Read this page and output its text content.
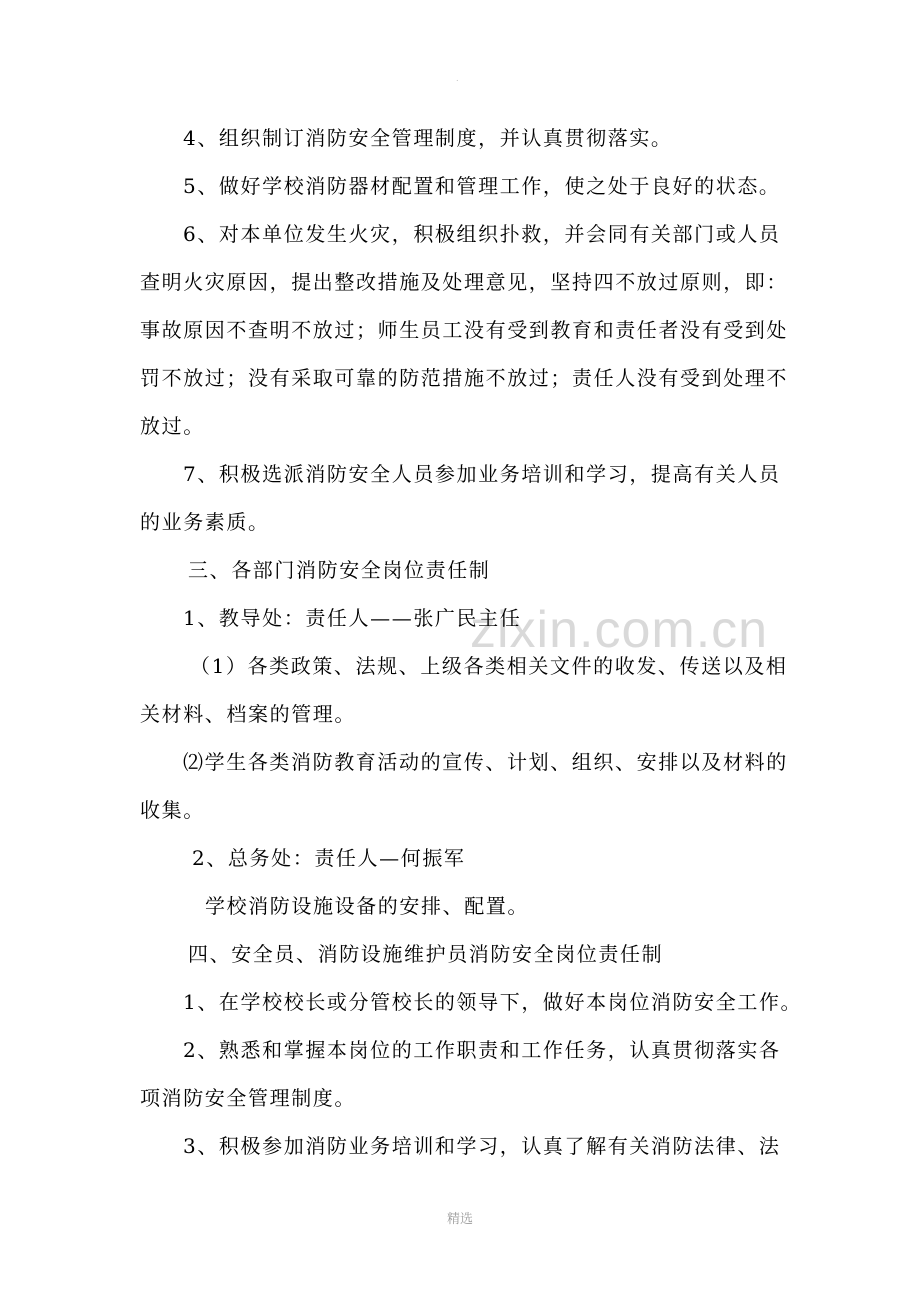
.
zixin.com.cn
4、组织制订消防安全管理制度，并认真贯彻落实。
5、做好学校消防器材配置和管理工作，使之处于良好的状态。
6、对本单位发生火灾，积极组织扑救，并会同有关部门或人员
查明火灾原因，提出整改措施及处理意见，坚持四不放过原则，即：
事故原因不查明不放过；师生员工没有受到教育和责任者没有受到处
罚不放过；没有采取可靠的防范措施不放过；责任人没有受到处理不
放过。
7、积极选派消防安全人员参加业务培训和学习，提高有关人员
的业务素质。
三、各部门消防安全岗位责任制
1、教导处：责任人——张广民主任
（1）各类政策、法规、上级各类相关文件的收发、传送以及相
关材料、档案的管理。
⑵学生各类消防教育活动的宣传、计划、组织、安排以及材料的
收集。
2、总务处：责任人—何振军
学校消防设施设备的安排、配置。
四、安全员、消防设施维护员消防安全岗位责任制
1、在学校校长或分管校长的领导下，做好本岗位消防安全工作。
2、熟悉和掌握本岗位的工作职责和工作任务，认真贯彻落实各
项消防安全管理制度。
3、积极参加消防业务培训和学习，认真了解有关消防法律、法
精选
